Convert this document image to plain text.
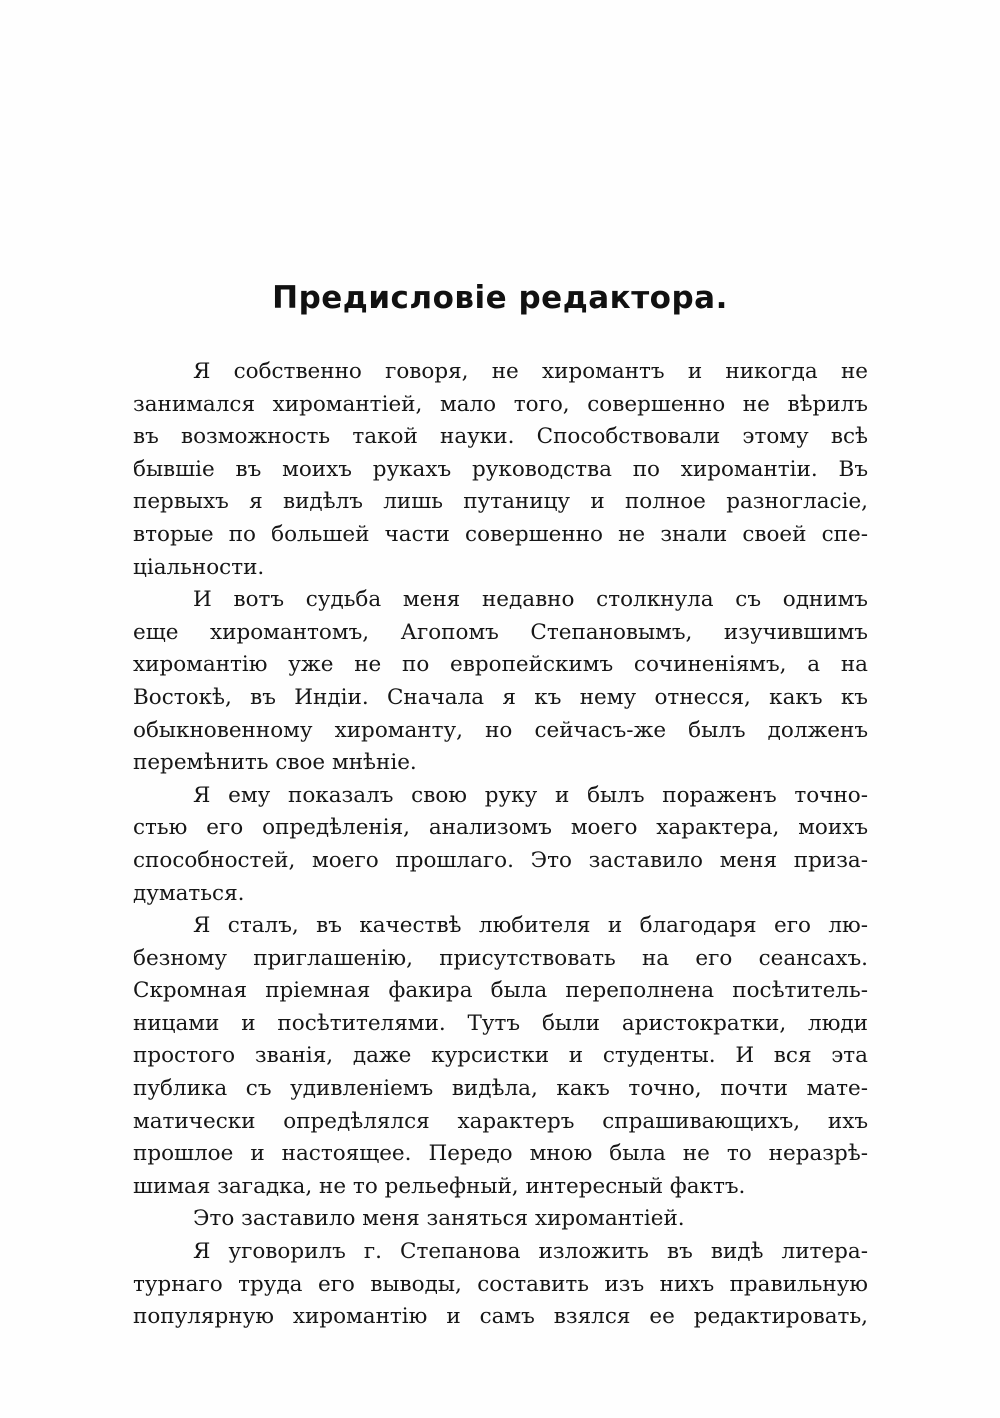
Предисловіе редактора.
Я собственно говоря, не хиромантъ и никогда не
занимался хиромантіей, мало того, совершенно не вѣрилъ
въ возможность такой науки. Способствовали этому всѣ
бывшіе въ моихъ рукахъ руководства по хиромантіи. Въ
первыхъ я видѣлъ лишь путаницу и полное разногласіе,
вторые по большей части совершенно не знали своей спе-
ціальности.
И вотъ судьба меня недавно столкнула съ однимъ
еще хиромантомъ, Агопомъ Степановымъ, изучившимъ
хиромантію уже не по европейскимъ сочиненіямъ, а на
Востокѣ, въ Индіи. Сначала я къ нему отнесся, какъ къ
обыкновенному хироманту, но сейчасъ-же былъ долженъ
перемѣнить свое мнѣніе.
Я ему показалъ свою руку и былъ пораженъ точно-
стью его опредѣленія, анализомъ моего характера, моихъ
способностей, моего прошлаго. Это заставило меня приза-
думаться.
Я сталъ, въ качествѣ любителя и благодаря его лю-
безному приглашенію, присутствовать на его сеансахъ.
Скромная пріемная факира была переполнена посѣтитель-
ницами и посѣтителями. Тутъ были аристократки, люди
простого званія, даже курсистки и студенты. И вся эта
публика съ удивленіемъ видѣла, какъ точно, почти мате-
матически опредѣлялся характеръ спрашивающихъ, ихъ
прошлое и настоящее. Передо мною была не то неразрѣ-
шимая загадка, не то рельефный, интересный фактъ.
Это заставило меня заняться хиромантіей.
Я уговорилъ г. Степанова изложить въ видѣ литера-
турнаго труда его выводы, составить изъ нихъ правильную
популярную хиромантію и самъ взялся ее редактировать,
